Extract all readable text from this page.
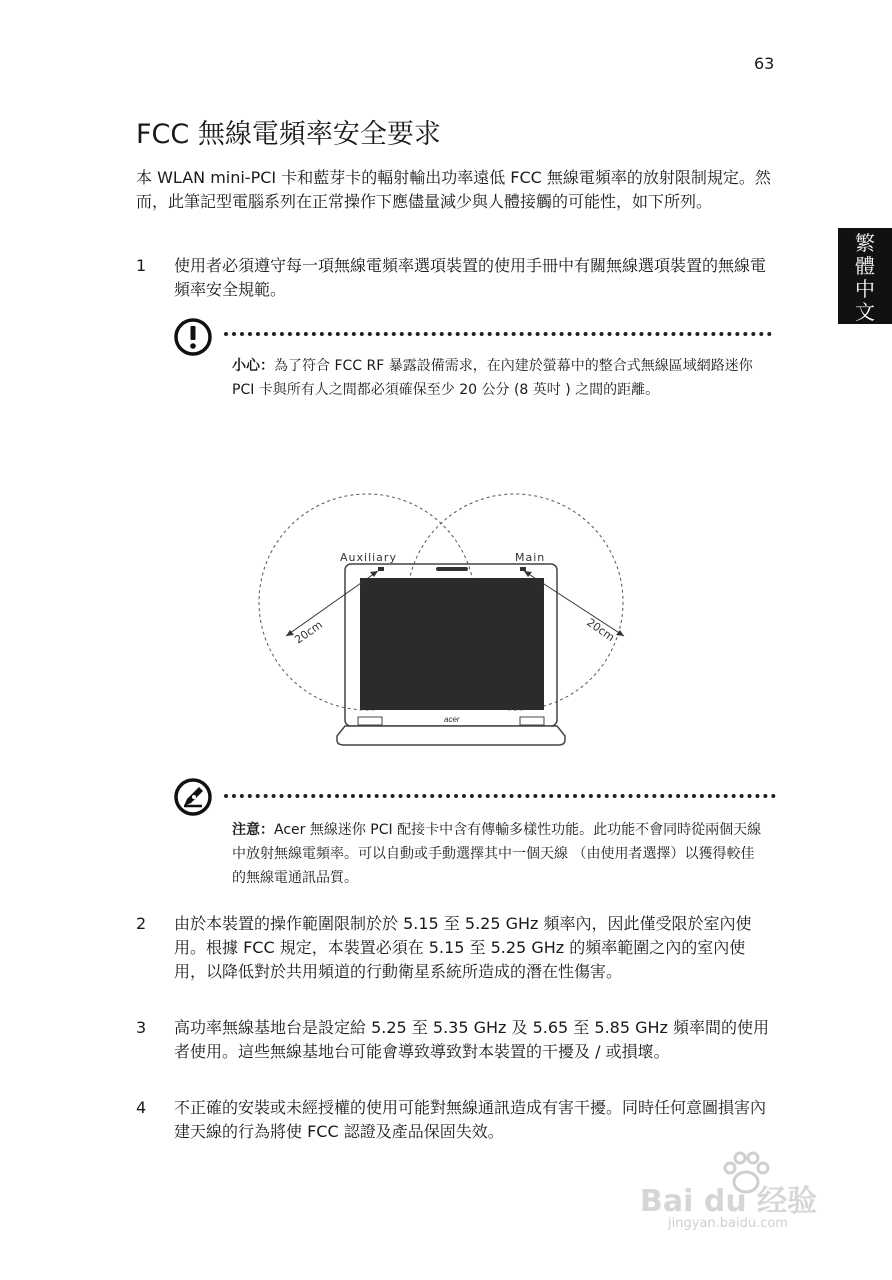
63
繁
體
中
文
FCC 無線電頻率安全要求

本 WLAN mini-PCI 卡和藍芽卡的輻射輸出功率遠低 FCC 無線電頻率的放射限制規定。然而，此筆記型電腦系列在正常操作下應儘量減少與人體接觸的可能性，如下所列。

1 使用者必須遵守每一項無線電頻率選項裝置的使用手冊中有關無線選項裝置的無線電頻率安全規範。
小心：為了符合 FCC RF 暴露設備需求，在內建於螢幕中的整合式無線區域網路迷你 PCI 卡與所有人之間都必須確保至少 20 公分 (8 英吋 ) 之間的距離。
acer
Auxiliary	Main
20cm	20cm
注意：Acer 無線迷你 PCI 配接卡中含有傳輸多樣性功能。此功能不會同時從兩個天線中放射無線電頻率。可以自動或手動選擇其中一個天線 （由使用者選擇）以獲得較佳的無線電通訊品質。
2 由於本裝置的操作範圍限制於於 5.15 至 5.25 GHz 頻率內，因此僅受限於室內使用。根據 FCC 規定，本裝置必須在 5.15 至 5.25 GHz 的頻率範圍之內的室內使用，以降低對於共用頻道的行動衛星系統所造成的潛在性傷害。
3 高功率無線基地台是設定給 5.25 至 5.35 GHz 及 5.65 至 5.85 GHz 頻率間的使用者使用。這些無線基地台可能會導致導致對本裝置的干擾及 / 或損壞。
4 不正確的安裝或未經授權的使用可能對無線通訊造成有害干擾。同時任何意圖損害內建天線的行為將使 FCC 認證及產品保固失效。
Bai du 经验
jingyan.baidu.com
